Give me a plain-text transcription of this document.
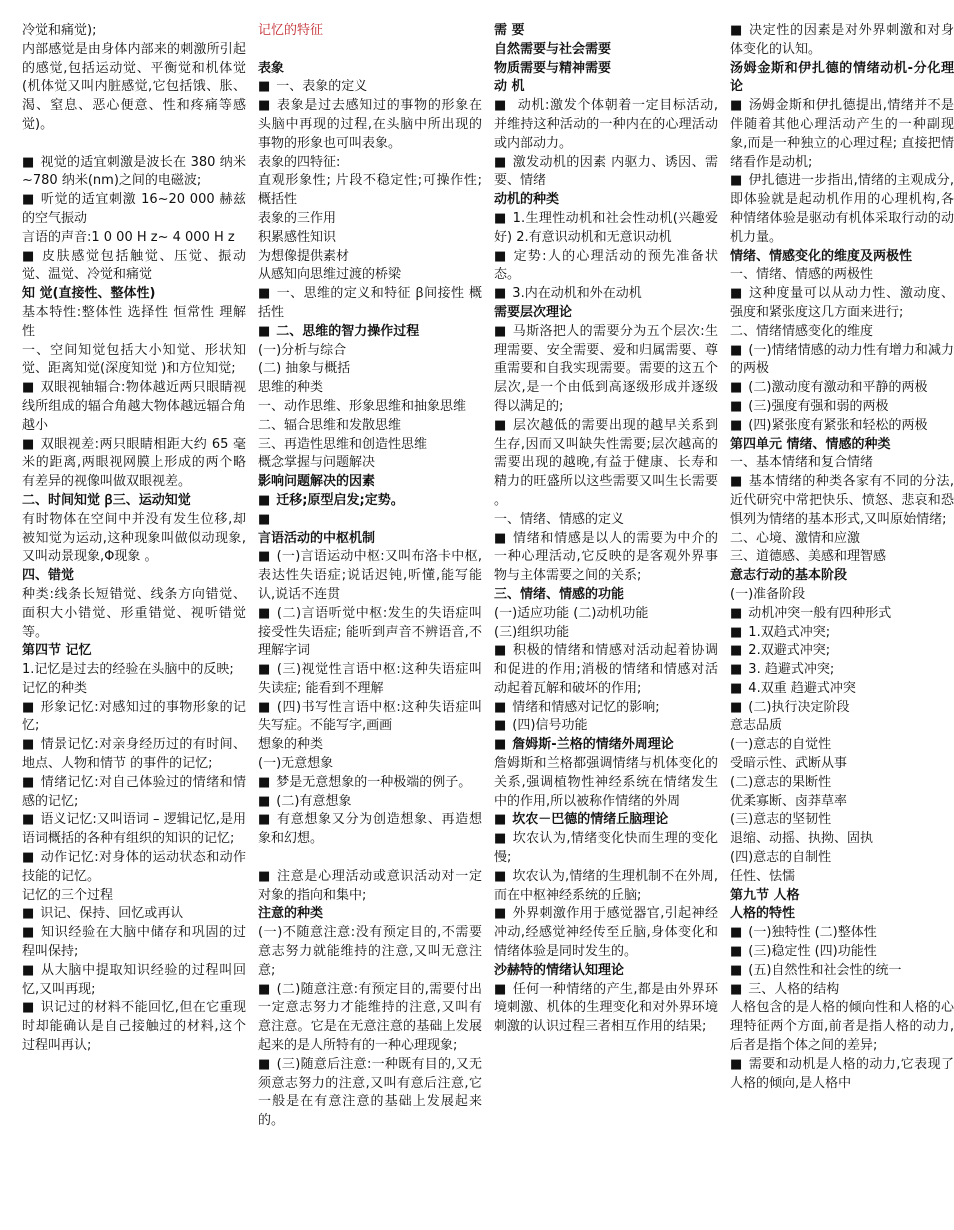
冷觉和痛觉);
内部感觉是由身体内部来的刺激所引起的感觉,包括运动觉、平衡觉和机体觉(机体觉又叫内脏感觉,它包括饿、胀、渴、窒息、恶心便意、性和疼痛等感觉)。
■ 视觉的适宜刺激是波长在 380 纳米~780 纳米(nm)之间的电磁波;
■ 听觉的适宜刺激 16~20 000 赫兹的空气振动
言语的声音:1 0 00 H z~ 4 000 H z
■ 皮肤感觉包括触觉、压觉、振动觉、温觉、冷觉和痛觉
知 觉(直接性、整体性)
基本特性:整体性 选择性 恒常性 理解性
一、空间知觉包括大小知觉、形状知觉、距离知觉(深度知觉 )和方位知觉;
■ 双眼视轴辐合:物体越近两只眼睛视线所组成的辐合角越大物体越远辐合角越小
■ 双眼视差:两只眼睛相距大约 65 毫米的距离,两眼视网膜上形成的两个略有差异的视像叫做双眼视差。
二、时间知觉 ꞵ三、运动知觉
有时物体在空间中并没有发生位移,却被知觉为运动,这种现象叫做似动现象,又叫动景现象,Φ现象 。
四、错觉
种类:线条长短错觉、线条方向错觉、面积大小错觉、形重错觉、视听错觉等。
第四节 记忆
1.记忆是过去的经验在头脑中的反映;
记忆的种类
■ 形象记忆:对感知过的事物形象的记忆;
■ 情景记忆:对亲身经历过的有时间、地点、人物和情节 的事件的记忆;
■ 情绪记忆:对自己体验过的情绪和情感的记忆;
■ 语义记忆:又叫语词 – 逻辑记忆,是用语词概括的各种有组织的知识的记忆;
■ 动作记忆:对身体的运动状态和动作技能的记忆。
记忆的三个过程
■ 识记、保持、回忆或再认
■ 知识经验在大脑中储存和巩固的过程叫保持;
■ 从大脑中提取知识经验的过程叫回忆,又叫再现;
■ 识记过的材料不能回忆,但在它重现时却能确认是自己接触过的材料,这个过程叫再认;
记忆的特征
表象
■ 一、表象的定义
■ 表象是过去感知过的事物的形象在头脑中再现的过程,在头脑中所出现的事物的形象也可叫表象。
表象的四特征:
直观形象性; 片段不稳定性;可操作性; 概括性
表象的三作用
积累感性知识
为想像提供素材
从感知向思维过渡的桥梁
■ 一、思维的定义和特征 ꞵ间接性 概括性
■ 二、思维的智力操作过程
(一)分析与综合
(二) 抽象与概括
思维的种类
一、动作思维、形象思维和抽象思维
二、辐合思维和发散思维
三、再造性思维和创造性思维
概念掌握与问题解决
影响问题解决的因素
■ 迁移;原型启发;定势。
■
言语活动的中枢机制
■ (一)言语运动中枢:又叫布洛卡中枢,表达性失语症;说话迟钝,听懂,能写能认,说话不连贯
■ (二)言语听觉中枢:发生的失语症叫接受性失语症; 能听到声音不辨语音,不理解字词
■ (三)视觉性言语中枢:这种失语症叫失读症; 能看到不理解
■ (四)书写性言语中枢:这种失语症叫失写症。不能写字,画画
想象的种类
(一)无意想象
■ 梦是无意想象的一种极端的例子。
■ (二)有意想象
■ 有意想象又分为创造想象、再造想象和幻想。
■ 注意是心理活动或意识活动对一定对象的指向和集中;
注意的种类
(一)不随意注意:没有预定目的,不需要意志努力就能维持的注意,又叫无意注意;
■ (二)随意注意:有预定目的,需要付出一定意志努力才能维持的注意,又叫有意注意。它是在无意注意的基础上发展起来的是人所特有的一种心理现象;
■ (三)随意后注意:一种既有目的,又无须意志努力的注意,又叫有意后注意,它一般是在有意注意的基础上发展起来的。
需 要
自然需要与社会需要
物质需要与精神需要
动 机
■ 动机:激发个体朝着一定目标活动,并维持这种活动的一种内在的心理活动或内部动力。
■ 激发动机的因素 内驱力、诱因、需要、情绪
动机的种类
■ 1.生理性动机和社会性动机(兴趣爱好) 2.有意识动机和无意识动机
■ 定势:人的心理活动的预先准备状态。
■ 3.内在动机和外在动机
需要层次理论
■ 马斯洛把人的需要分为五个层次:生理需要、安全需要、爱和归属需要、尊重需要和自我实现需要。需要的这五个层次,是一个由低到高逐级形成并逐级得以满足的;
■ 层次越低的需要出现的越早关系到生存,因而又叫缺失性需要;层次越高的需要出现的越晚,有益于健康、长寿和精力的旺盛所以这些需要又叫生长需要 。
一、情绪、情感的定义
■ 情绪和情感是以人的需要为中介的一种心理活动,它反映的是客观外界事物与主体需要之间的关系;
三、情绪、情感的功能
(一)适应功能 (二)动机功能
(三)组织功能
■ 积极的情绪和情感对活动起着协调和促进的作用;消极的情绪和情感对活动起着瓦解和破坏的作用;
■ 情绪和情感对记忆的影响;
■ (四)信号功能
■ 詹姆斯-兰格的情绪外周理论
詹姆斯和兰格都强调情绪与机体变化的关系,强调植物性神经系统在情绪发生中的作用,所以被称作情绪的外周
■ 坎农－巴德的情绪丘脑理论
■ 坎农认为,情绪变化快而生理的变化慢;
■ 坎农认为,情绪的生理机制不在外周,而在中枢神经系统的丘脑;
■ 外界刺激作用于感觉器官,引起神经冲动,经感觉神经传至丘脑,身体变化和情绪体验是同时发生的。
沙赫特的情绪认知理论
■ 任何一种情绪的产生,都是由外界环境刺激、机体的生理变化和对外界环境刺激的认识过程三者相互作用的结果;
■ 决定性的因素是对外界刺激和对身体变化的认知。
汤姆金斯和伊扎德的情绪动机-分化理论
■ 汤姆金斯和伊扎德提出,情绪并不是伴随着其他心理活动产生的一种副现象,而是一种独立的心理过程; 直接把情绪看作是动机;
■ 伊扎德进一步指出,情绪的主观成分,即体验就是起动机作用的心理机构,各种情绪体验是驱动有机体采取行动的动机力量。
情绪、情感变化的维度及两极性
一、情绪、情感的两极性
■ 这种度量可以从动力性、激动度、强度和紧张度这几方面来进行;
二、情绪情感变化的维度
■ (一)情绪情感的动力性有增力和减力的两极
■ (二)激动度有激动和平静的两极
■ (三)强度有强和弱的两极
■ (四)紧张度有紧张和轻松的两极
第四单元 情绪、情感的种类
一、基本情绪和复合情绪
■ 基本情绪的种类各家有不同的分法,近代研究中常把快乐、愤怒、悲哀和恐惧列为情绪的基本形式,又叫原始情绪;
二、心境、激情和应激
三、道德感、美感和理智感
意志行动的基本阶段
(一)准备阶段
■ 动机冲突一般有四种形式
■ 1.双趋式冲突;
■ 2.双避式冲突;
■ 3. 趋避式冲突;
■ 4.双重 趋避式冲突
■ (二)执行决定阶段
意志品质
(一)意志的自觉性
受暗示性、武断从事
(二)意志的果断性
优柔寡断、卤莽草率
(三)意志的坚韧性
退缩、动摇、执拗、固执
(四)意志的自制性
任性、怯懦
第九节 人格
人格的特性
■ (一)独特性 (二)整体性
■ (三)稳定性 (四)功能性
■ (五)自然性和社会性的统一
■ 三、人格的结构
人格包含的是人格的倾向性和人格的心理特征两个方面,前者是指人格的动力,后者是指个体之间的差异;
■ 需要和动机是人格的动力,它表现了人格的倾向,是人格中
